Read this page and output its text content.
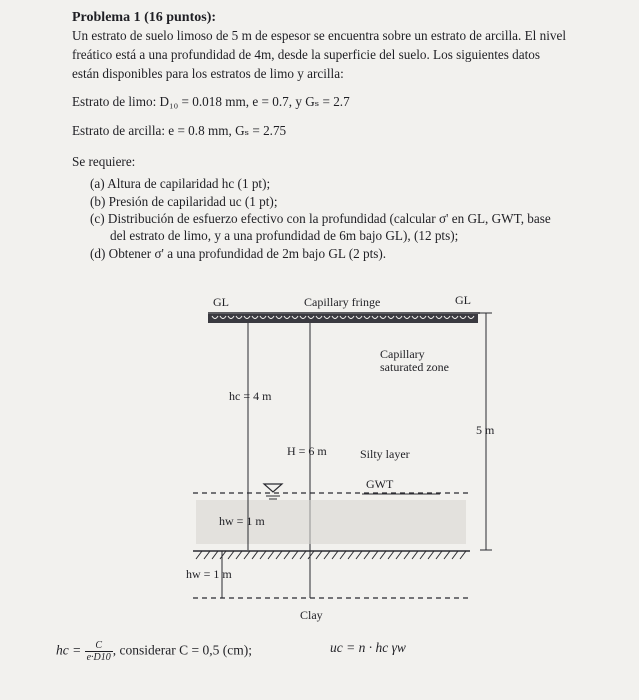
Problema 1 (16 puntos):
Un estrato de suelo limoso de 5 m de espesor se encuentra sobre un estrato de arcilla. El nivel
freático está a una profundidad de 4m, desde la superficie del suelo. Los siguientes datos
están disponibles para los estratos de limo y arcilla:
Estrato de limo: D₁₀ = 0.018 mm, e = 0.7, y Gₛ = 2.7
Estrato de arcilla: e = 0.8 mm, Gₛ = 2.75
Se requiere:
(a) Altura de capilaridad hc (1 pt);
(b) Presión de capilaridad uc (1 pt);
(c) Distribución de esfuerzo efectivo con la profundidad (calcular σ' en GL, GWT, base
del estrato de limo, y a una profundidad de 6m bajo GL), (12 pts);
(d) Obtener σ' a una profundidad de 2m bajo GL (2 pts).
GL	Capillary fringe	GL
hc = 4 m
H = 6 m
Capillary
saturated zone
5 m
Silty layer
GWT
hw = 1 m
hw = 1 m
Clay
hc = $\frac{C}{e\cdot D10}$ , considerar C = 0,5 (cm);	uc = n · hc γw
